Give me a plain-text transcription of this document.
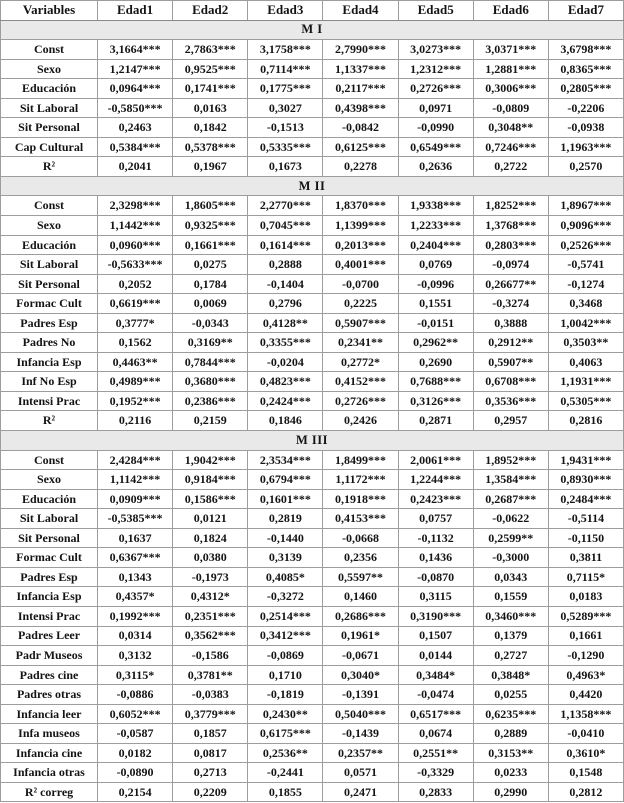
Variables	Edad1	Edad2	Edad3	Edad4	Edad5	Edad6	Edad7
M I							
Const	3,1664***	2,7863***	3,1758***	2,7990***	3,0273***	3,0371***	3,6798***
Sexo	1,2147***	0,9525***	0,7114***	1,1337***	1,2312***	1,2881***	0,8365***
Educación	0,0964***	0,1741***	0,1775***	0,2117***	0,2726***	0,3006***	0,2805***
Sit Laboral	-0,5850***	0,0163	0,3027	0,4398***	0,0971	-0,0809	-0,2206
Sit Personal	0,2463	0,1842	-0,1513	-0,0842	-0,0990	0,3048**	-0,0938
Cap Cultural	0,5384***	0,5378***	0,5335***	0,6125***	0,6549***	0,7246***	1,1963***
R²	0,2041	0,1967	0,1673	0,2278	0,2636	0,2722	0,2570
M II							
Const	2,3298***	1,8605***	2,2770***	1,8370***	1,9338***	1,8252***	1,8967***
Sexo	1,1442***	0,9325***	0,7045***	1,1399***	1,2233***	1,3768***	0,9096***
Educación	0,0960***	0,1661***	0,1614***	0,2013***	0,2404***	0,2803***	0,2526***
Sit Laboral	-0,5633***	0,0275	0,2888	0,4001***	0,0769	-0,0974	-0,5741
Sit Personal	0,2052	0,1784	-0,1404	-0,0700	-0,0996	0,26677**	-0,1274
Formac Cult	0,6619***	0,0069	0,2796	0,2225	0,1551	-0,3274	0,3468
Padres Esp	0,3777*	-0,0343	0,4128**	0,5907***	-0,0151	0,3888	1,0042***
Padres No	0,1562	0,3169**	0,3355***	0,2341**	0,2962**	0,2912**	0,3503**
Infancia Esp	0,4463**	0,7844***	-0,0204	0,2772*	0,2690	0,5907**	0,4063
Inf No Esp	0,4989***	0,3680***	0,4823***	0,4152***	0,7688***	0,6708***	1,1931***
Intensi Prac	0,1952***	0,2386***	0,2424***	0,2726***	0,3126***	0,3536***	0,5305***
R²	0,2116	0,2159	0,1846	0,2426	0,2871	0,2957	0,2816
M III							
Const	2,4284***	1,9042***	2,3534***	1,8499***	2,0061***	1,8952***	1,9431***
Sexo	1,1142***	0,9184***	0,6794***	1,1172***	1,2244***	1,3584***	0,8930***
Educación	0,0909***	0,1586***	0,1601***	0,1918***	0,2423***	0,2687***	0,2484***
Sit Laboral	-0,5385***	0,0121	0,2819	0,4153***	0,0757	-0,0622	-0,5114
Sit Personal	0,1637	0,1824	-0,1440	-0,0668	-0,1132	0,2599**	-0,1150
Formac Cult	0,6367***	0,0380	0,3139	0,2356	0,1436	-0,3000	0,3811
Padres Esp	0,1343	-0,1973	0,4085*	0,5597**	-0,0870	0,0343	0,7115*
Infancia Esp	0,4357*	0,4312*	-0,3272	0,1460	0,3115	0,1559	0,0183
Intensi Prac	0,1992***	0,2351***	0,2514***	0,2686***	0,3190***	0,3460***	0,5289***
Padres Leer	0,0314	0,3562***	0,3412***	0,1961*	0,1507	0,1379	0,1661
Padr Museos	0,3132	-0,1586	-0,0869	-0,0671	0,0144	0,2727	-0,1290
Padres cine	0,3115*	0,3781**	0,1710	0,3040*	0,3484*	0,3848*	0,4963*
Padres otras	-0,0886	-0,0383	-0,1819	-0,1391	-0,0474	0,0255	0,4420
Infancia leer	0,6052***	0,3779***	0,2430**	0,5040***	0,6517***	0,6235***	1,1358***
Infa museos	-0,0587	0,1857	0,6175***	-0,1439	0,0674	0,2889	-0,0410
Infancia cine	0,0182	0,0817	0,2536**	0,2357**	0,2551**	0,3153**	0,3610*
Infancia otras	-0,0890	0,2713	-0,2441	0,0571	-0,3329	0,0233	0,1548
R² correg	0,2154	0,2209	0,1855	0,2471	0,2833	0,2990	0,2812
